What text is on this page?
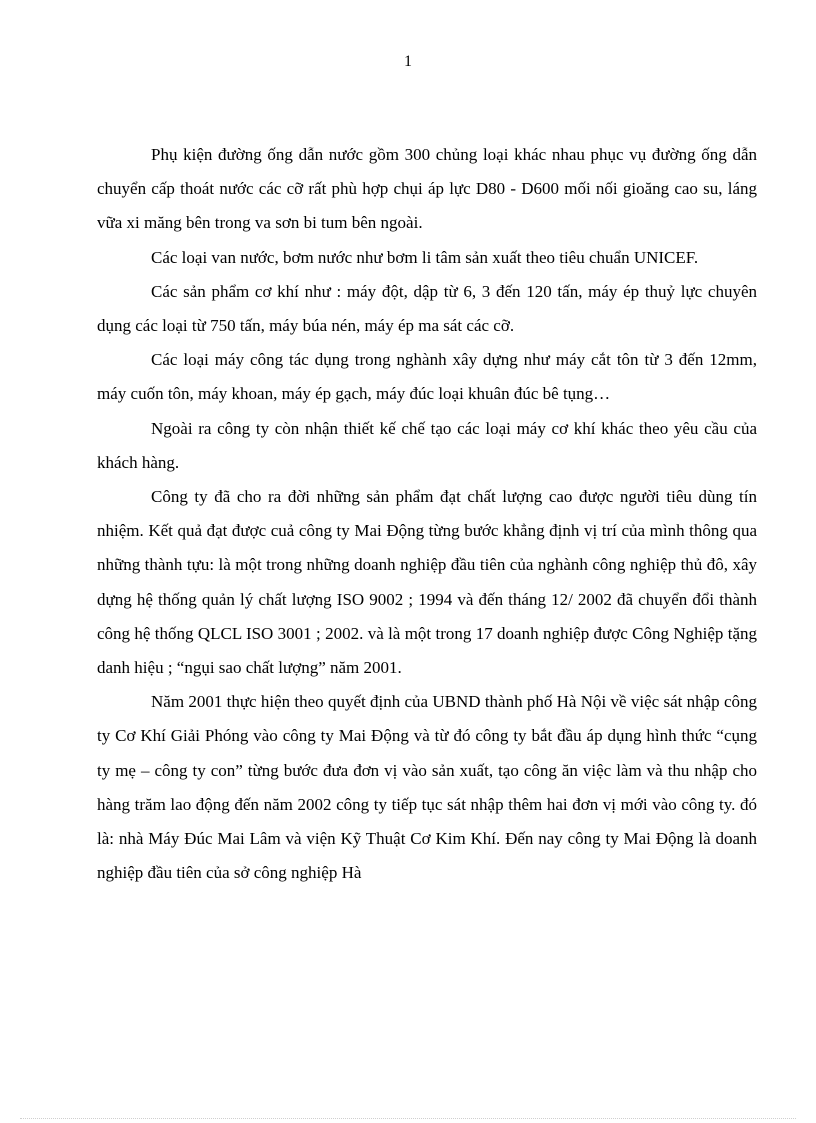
1

Phụ kiện đường ống dẫn nước gồm 300 chủng loại khác nhau phục vụ đường ống dẫn chuyển cấp thoát nước các cỡ rất phù hợp chụi áp lực D80 - D600 mối nối gioăng cao su, láng vữa xi măng bên trong va sơn bi tum bên ngoài.

Các loại van nước, bơm nước như bơm li tâm sản xuất theo tiêu chuẩn UNICEF.

Các sản phẩm cơ khí như : máy đột, dập từ 6, 3 đến 120 tấn, máy ép thuỷ lực chuyên dụng các loại từ 750 tấn, máy búa nén, máy ép ma sát các cỡ.

Các loại máy công tác dụng trong nghành xây dựng như máy cắt tôn từ 3 đến 12mm, máy cuốn tôn, máy khoan, máy ép gạch, máy đúc loại khuân đúc bê tụng…

Ngoài ra công ty còn nhận thiết kế chế tạo các loại máy cơ khí khác theo yêu cầu của khách hàng.

Công ty đã cho ra đời những sản phẩm đạt chất lượng cao được người tiêu dùng tín nhiệm. Kết quả đạt được cuả công ty Mai Động từng bước khẳng định vị trí của mình thông qua những thành tựu: là một trong những doanh nghiệp đầu tiên của nghành công nghiệp thủ đô, xây dựng hệ thống quản lý chất lượng ISO 9002 ; 1994 và đến tháng 12/ 2002 đã chuyển đổi thành công hệ thống QLCL ISO 3001 ; 2002. và là một trong 17 doanh nghiệp được Công Nghiệp tặng danh hiệu ; “ngụi sao chất lượng” năm 2001.

Năm 2001 thực hiện theo quyết định của UBND thành phố Hà Nội về việc sát nhập công ty Cơ Khí Giải Phóng vào công ty Mai Động và từ đó công ty bắt đầu áp dụng hình thức “cụng ty mẹ – công ty con” từng bước đưa đơn vị vào sản xuất, tạo công ăn việc làm và thu nhập cho hàng trăm lao động đến năm 2002 công ty tiếp tục sát nhập thêm hai đơn vị mới vào công ty. đó là: nhà Máy Đúc Mai Lâm và viện Kỹ Thuật Cơ Kim Khí. Đến nay công ty Mai Động là doanh nghiệp đầu tiên của sở công nghiệp Hà
